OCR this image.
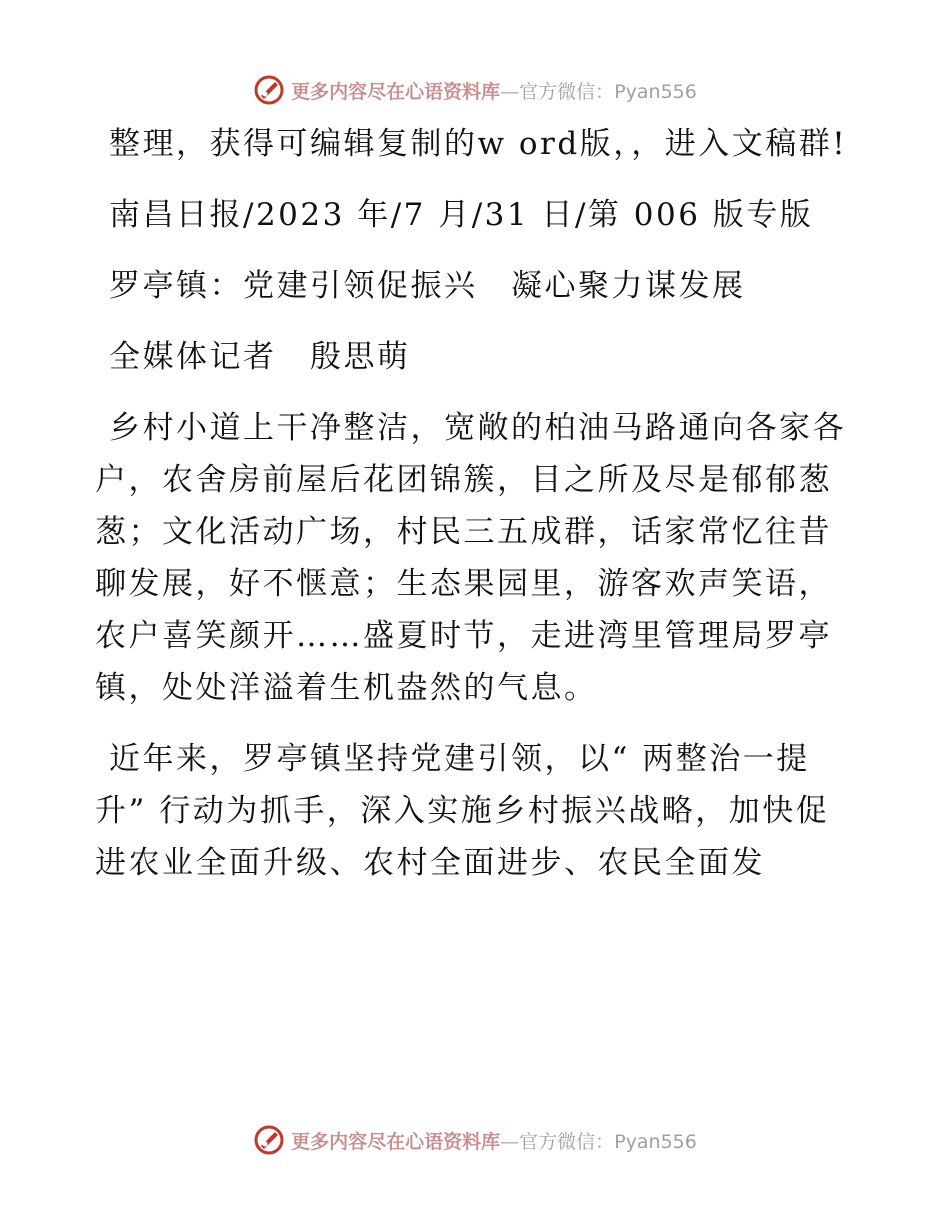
更多内容尽在心语资料库—官方微信：Pyan556

整理，获得可编辑复制的w ord版，，进入文稿群!

南昌日报/2023 年/7 月/31 日/第 006 版专版

罗亭镇：党建引领促振兴　凝心聚力谋发展

全媒体记者　殷思萌

乡村小道上干净整洁，宽敞的柏油马路通向各家各户，农舍房前屋后花团锦簇，目之所及尽是郁郁葱葱；文化活动广场，村民三五成群，话家常忆往昔聊发展，好不惬意；生态果园里，游客欢声笑语，农户喜笑颜开……盛夏时节，走进湾里管理局罗亭镇，处处洋溢着生机盎然的气息。

近年来，罗亭镇坚持党建引领，以“ 两整治一提升” 行动为抓手，深入实施乡村振兴战略，加快促进农业全面升级、农村全面进步、农民全面发

更多内容尽在心语资料库—官方微信：Pyan556
